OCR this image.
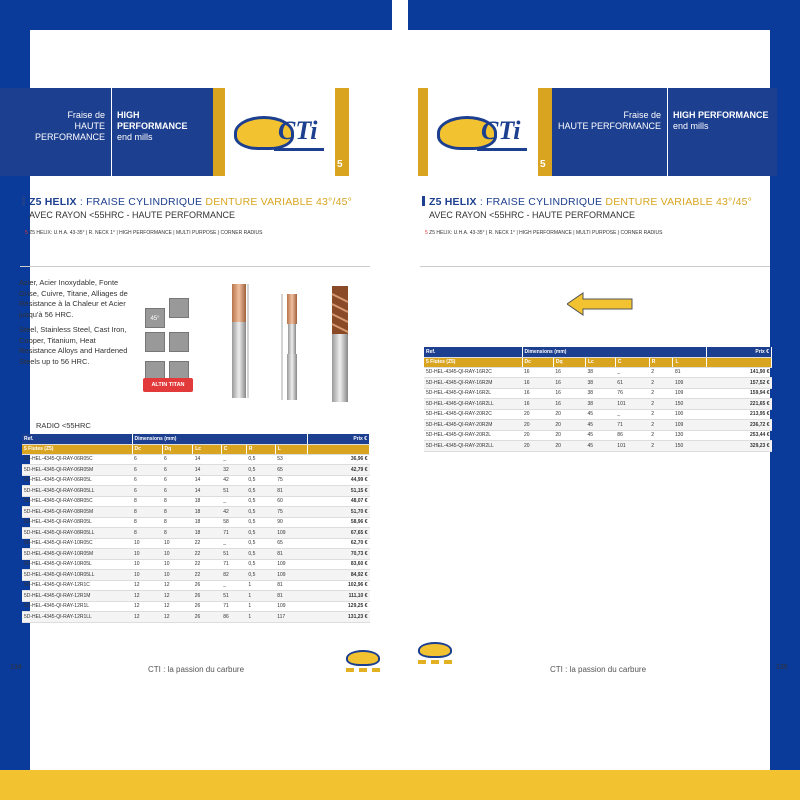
Fraise de
HAUTE PERFORMANCE
HIGH PERFORMANCE
end mills	CTi
5
CTi
5
Fraise de
HAUTE PERFORMANCE
HIGH PERFORMANCE
end mills
Z5 HELIX : FRAISE CYLINDRIQUE DENTURE VARIABLE 43°/45°
AVEC RAYON <55HRC - HAUTE PERFORMANCE
5 Z5 HELIX: U.H.A. 43-35° | R. NECK 1° | HIGH PERFORMANCE | MULTI PURPOSE | CORNER RADIUS
Z5 HELIX : FRAISE CYLINDRIQUE DENTURE VARIABLE 43°/45°
AVEC RAYON <55HRC - HAUTE PERFORMANCE
5 Z5 HELIX: U.H.A. 43-35° | R. NECK 1° | HIGH PERFORMANCE | MULTI PURPOSE | CORNER RADIUS

Acier, Acier Inoxydable, Fonte Grise, Cuivre, Titane, Alliages de Résistance à la Chaleur et Acier jusqu'à 56 HRC.

Steel, Stainless Steel, Cast Iron, Cooper, Titanium, Heat Resistance Alloys and Hardened Steels up to 56 HRC.

45°
ALTIN TITAN
RADIO <55HRC
Ref.	Dimensions (mm)						Prix €
5 Flutes (Z5)	Dc	Dq	Lc	C	R	L	
5D-HEL-4345-QI-RAY-06R05C	6	6	14	_	0,5	53	36,96 €
5D-HEL-4345-QI-RAY-06R05M	6	6	14	32	0,5	65	42,79 €
5D-HEL-4345-QI-RAY-06R05L	6	6	14	42	0,5	75	44,99 €
5D-HEL-4345-QI-RAY-06R05LL	6	6	14	51	0,5	81	51,15 €
5D-HEL-4345-QI-RAY-08R05C	8	8	18	_	0,5	60	48,07 €
5D-HEL-4345-QI-RAY-08R05M	8	8	18	42	0,5	75	51,70 €
5D-HEL-4345-QI-RAY-08R05L	8	8	18	58	0,5	90	58,96 €
5D-HEL-4345-QI-RAY-08R05LL	8	8	18	71	0,5	109	67,65 €
5D-HEL-4345-QI-RAY-10R05C	10	10	22	_	0,5	65	62,70 €
5D-HEL-4345-QI-RAY-10R05M	10	10	22	51	0,5	81	70,73 €
5D-HEL-4345-QI-RAY-10R05L	10	10	22	71	0,5	109	83,60 €
5D-HEL-4345-QI-RAY-10R05LL	10	10	22	82	0,5	109	84,92 €
5D-HEL-4345-QI-RAY-12R1C	12	12	26	_	1	81	102,96 €
5D-HEL-4345-QI-RAY-12R1M	12	12	26	51	1	81	111,10 €
5D-HEL-4345-QI-RAY-12R1L	12	12	26	71	1	109	129,25 €
5D-HEL-4345-QI-RAY-12R1LL	12	12	26	86	1	117	131,23 €
Ref.	Dimensions (mm)						Prix €
5 Flutes (Z5)	Dc	Dq	Lc	C	R	L	
5D-HEL-4345-QI-RAY-16R2C	16	16	38	_	2	81	141,90 €
5D-HEL-4345-QI-RAY-16R2M	16	16	38	61	2	109	157,52 €
5D-HEL-4345-QI-RAY-16R2L	16	16	38	76	2	109	159,94 €
5D-HEL-4345-QI-RAY-16R2LL	16	16	38	101	2	150	221,65 €
5D-HEL-4345-QI-RAY-20R2C	20	20	45	_	2	100	213,95 €
5D-HEL-4345-QI-RAY-20R2M	20	20	45	71	2	109	236,72 €
5D-HEL-4345-QI-RAY-20R2L	20	20	45	86	2	130	253,44 €
5D-HEL-4345-QI-RAY-20R2LL	20	20	45	101	2	150	329,23 €
134	CTI : la passion du carbure	CTI : la passion du carbure	135
